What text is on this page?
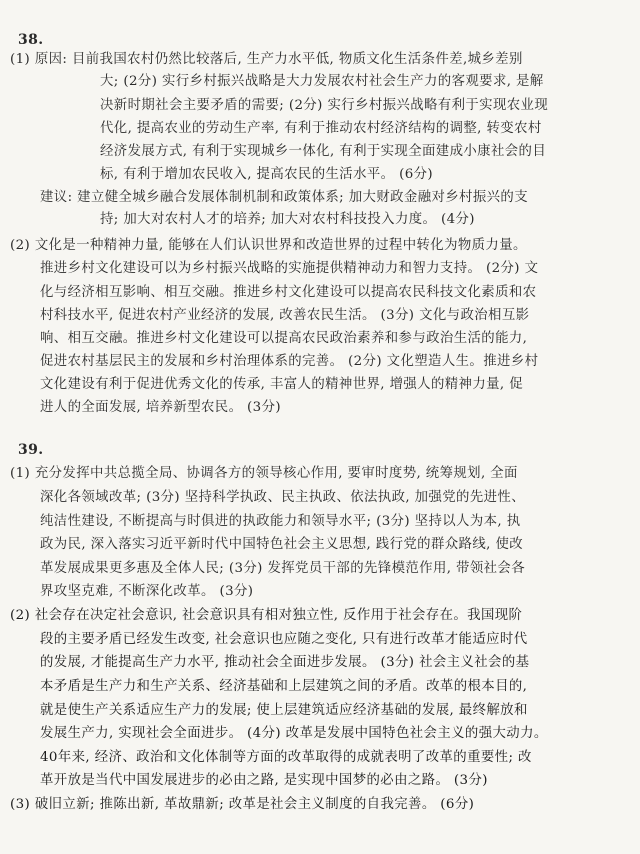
38.
(1) 原因: 目前我国农村仍然比较落后, 生产力水平低, 物质文化生活条件差,城乡差别
大; (2分) 实行乡村振兴战略是大力发展农村社会生产力的客观要求, 是解
决新时期社会主要矛盾的需要; (2分) 实行乡村振兴战略有利于实现农业现
代化, 提高农业的劳动生产率, 有利于推动农村经济结构的调整, 转变农村
经济发展方式, 有利于实现城乡一体化, 有利于实现全面建成小康社会的目
标, 有利于增加农民收入, 提高农民的生活水平。 (6分)
建议: 建立健全城乡融合发展体制机制和政策体系; 加大财政金融对乡村振兴的支
持; 加大对农村人才的培养; 加大对农村科技投入力度。 (4分)
(2) 文化是一种精神力量, 能够在人们认识世界和改造世界的过程中转化为物质力量。
推进乡村文化建设可以为乡村振兴战略的实施提供精神动力和智力支持。 (2分) 文
化与经济相互影响、相互交融。推进乡村文化建设可以提高农民科技文化素质和农
村科技水平, 促进农村产业经济的发展, 改善农民生活。 (3分) 文化与政治相互影
响、相互交融。推进乡村文化建设可以提高农民政治素养和参与政治生活的能力,
促进农村基层民主的发展和乡村治理体系的完善。 (2分) 文化塑造人生。推进乡村
文化建设有利于促进优秀文化的传承, 丰富人的精神世界, 增强人的精神力量, 促
进人的全面发展, 培养新型农民。 (3分)
39.
(1) 充分发挥中共总揽全局、协调各方的领导核心作用, 要审时度势, 统筹规划, 全面
深化各领域改革; (3分) 坚持科学执政、民主执政、依法执政, 加强党的先进性、
纯洁性建设, 不断提高与时俱进的执政能力和领导水平; (3分) 坚持以人为本, 执
政为民, 深入落实习近平新时代中国特色社会主义思想, 践行党的群众路线, 使改
革发展成果更多惠及全体人民; (3分) 发挥党员干部的先锋模范作用, 带领社会各
界攻坚克难, 不断深化改革。 (3分)
(2) 社会存在决定社会意识, 社会意识具有相对独立性, 反作用于社会存在。我国现阶
段的主要矛盾已经发生改变, 社会意识也应随之变化, 只有进行改革才能适应时代
的发展, 才能提高生产力水平, 推动社会全面进步发展。 (3分) 社会主义社会的基
本矛盾是生产力和生产关系、经济基础和上层建筑之间的矛盾。改革的根本目的,
就是使生产关系适应生产力的发展; 使上层建筑适应经济基础的发展, 最终解放和
发展生产力, 实现社会全面进步。 (4分) 改革是发展中国特色社会主义的强大动力。
40年来, 经济、政治和文化体制等方面的改革取得的成就表明了改革的重要性; 改
革开放是当代中国发展进步的必由之路, 是实现中国梦的必由之路。 (3分)
(3) 破旧立新; 推陈出新, 革故鼎新; 改革是社会主义制度的自我完善。 (6分)
